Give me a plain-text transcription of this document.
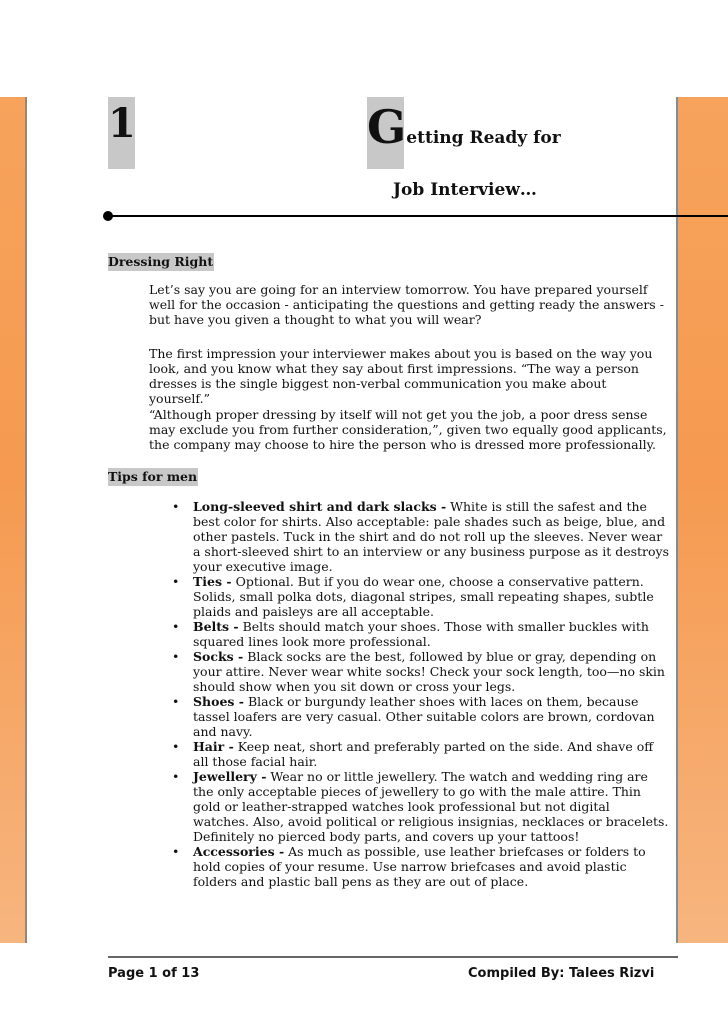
1	Getting Ready for
Job Interview…
Dressing Right

Let’s say you are going for an interview tomorrow. You have prepared yourself well for the occasion - anticipating the questions and getting ready the answers - but have you given a thought to what you will wear?

The first impression your interviewer makes about you is based on the way you look, and you know what they say about first impressions. “The way a person dresses is the single biggest non-verbal communication you make about yourself.”

“Although proper dressing by itself will not get you the job, a poor dress sense may exclude you from further consideration,”, given two equally good applicants, the company may choose to hire the person who is dressed more professionally.

Tips for men
• Long-sleeved shirt and dark slacks - White is still the safest and the best color for shirts. Also acceptable: pale shades such as beige, blue, and other pastels. Tuck in the shirt and do not roll up the sleeves. Never wear a short-sleeved shirt to an interview or any business purpose as it destroys your executive image.
• Ties - Optional. But if you do wear one, choose a conservative pattern. Solids, small polka dots, diagonal stripes, small repeating shapes, subtle plaids and paisleys are all acceptable.
• Belts - Belts should match your shoes. Those with smaller buckles with squared lines look more professional.
• Socks - Black socks are the best, followed by blue or gray, depending on your attire. Never wear white socks! Check your sock length, too—no skin should show when you sit down or cross your legs.
• Shoes - Black or burgundy leather shoes with laces on them, because tassel loafers are very casual. Other suitable colors are brown, cordovan and navy.
• Hair - Keep neat, short and preferably parted on the side. And shave off all those facial hair.
• Jewellery - Wear no or little jewellery. The watch and wedding ring are the only acceptable pieces of jewellery to go with the male attire. Thin gold or leather-strapped watches look professional but not digital watches. Also, avoid political or religious insignias, necklaces or bracelets. Definitely no pierced body parts, and covers up your tattoos!
• Accessories - As much as possible, use leather briefcases or folders to hold copies of your resume. Use narrow briefcases and avoid plastic folders and plastic ball pens as they are out of place.
Page 1 of 13	Compiled By: Talees Rizvi
